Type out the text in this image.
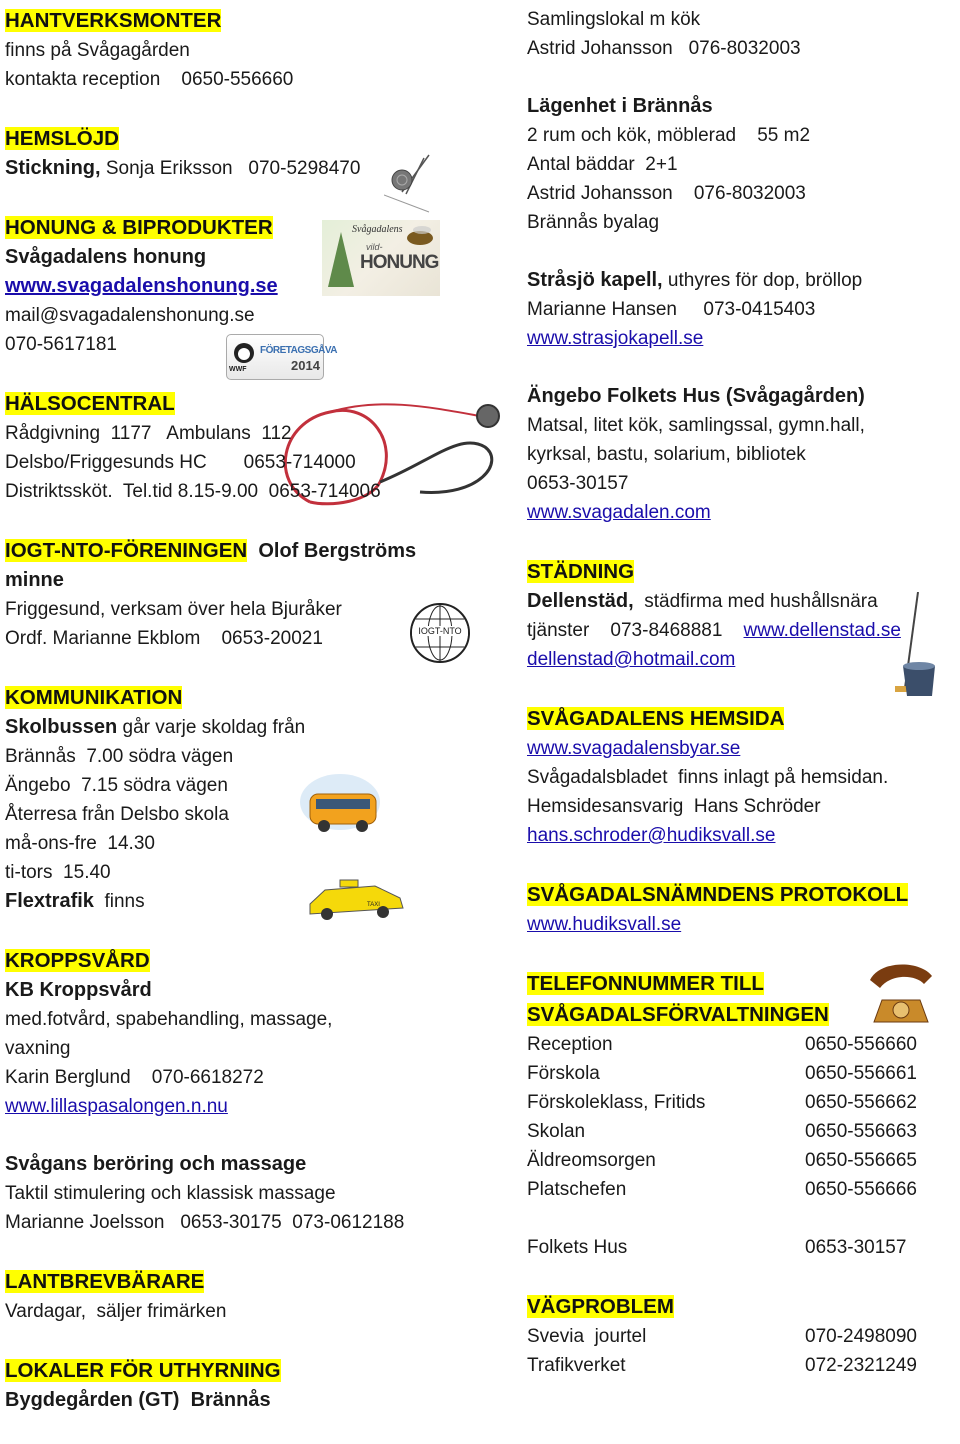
HANTVERKSMONTER
finns på Svågagården
kontakta reception    0650-556660
HEMSLÖJD
Stickning, Sonja Eriksson   070-5298470
HONUNG & BIPRODUKTER
Svågadalens honung
www.svagadalenshonung.se
mail@svagadalenshonung.se
070-5617181
HÄLSOCENTRAL
Rådgivning  1177   Ambulans  112
Delsbo/Friggesunds HC       0653-714000
Distriktssköt.  Tel.tid 8.15-9.00  0653-714006
IOGT-NTO-FÖRENINGEN  Olof Bergströms
minne
Friggesund, verksam över hela Bjuråker
Ordf. Marianne Ekblom    0653-20021
KOMMUNIKATION
Skolbussen går varje skoldag från
Brännås  7.00 södra vägen
Ängebo  7.15 södra vägen
Återresa från Delsbo skola
må-ons-fre  14.30
ti-tors  15.40
Flextrafik  finns
KROPPSVÅRD
KB Kroppsvård
med.fotvård, spabehandling, massage,
vaxning
Karin Berglund    070-6618272
www.lillaspasalongen.n.nu
Svågans beröring och massage
Taktil stimulering och klassisk massage
Marianne Joelsson   0653-30175  073-0612188
LANTBREVBÄRARE
Vardagar,  säljer frimärken
LOKALER FÖR UTHYRNING
Bygdegården (GT)  Brännås
Samlingslokal m kök
Astrid Johansson   076-8032003
Lägenhet i Brännås
2 rum och kök, möblerad    55 m2
Antal bäddar  2+1
Astrid Johansson    076-8032003
Brännås byalag
Stråsjö kapell, uthyres för dop, bröllop
Marianne Hansen     073-0415403
www.strasjokapell.se
Ängebo Folkets Hus (Svågagården)
Matsal, litet kök, samlingssal, gymn.hall,
kyrksal, bastu, solarium, bibliotek
0653-30157
www.svagadalen.com
STÄDNING
Dellenstäd,  städfirma med hushållsnära
tjänster    073-8468881    www.dellenstad.se
dellenstad@hotmail.com
SVÅGADALENS HEMSIDA
www.svagadalensbyar.se
Svågadalsbladet  finns inlagt på hemsidan.
Hemsidesansvarig  Hans Schröder
hans.schroder@hudiksvall.se
SVÅGADALSNÄMNDENS PROTOKOLL
www.hudiksvall.se
TELEFONNUMMER TILL
SVÅGADALSFÖRVALTNINGEN
Reception	0650-556660
Förskola	0650-556661
Förskoleklass, Fritids	0650-556662
Skolan	0650-556663
Äldreomsorgen	0650-556665
Platschefen	0650-556666
Folkets Hus	0653-30157
VÄGPROBLEM
Svevia  jourtel	070-2498090
Trafikverket	072-2321249
Svågadalens
vild-
HONUNG
WWF
FÖRETAGSGÅVA
2014
IOGT-NTO
TAXI
